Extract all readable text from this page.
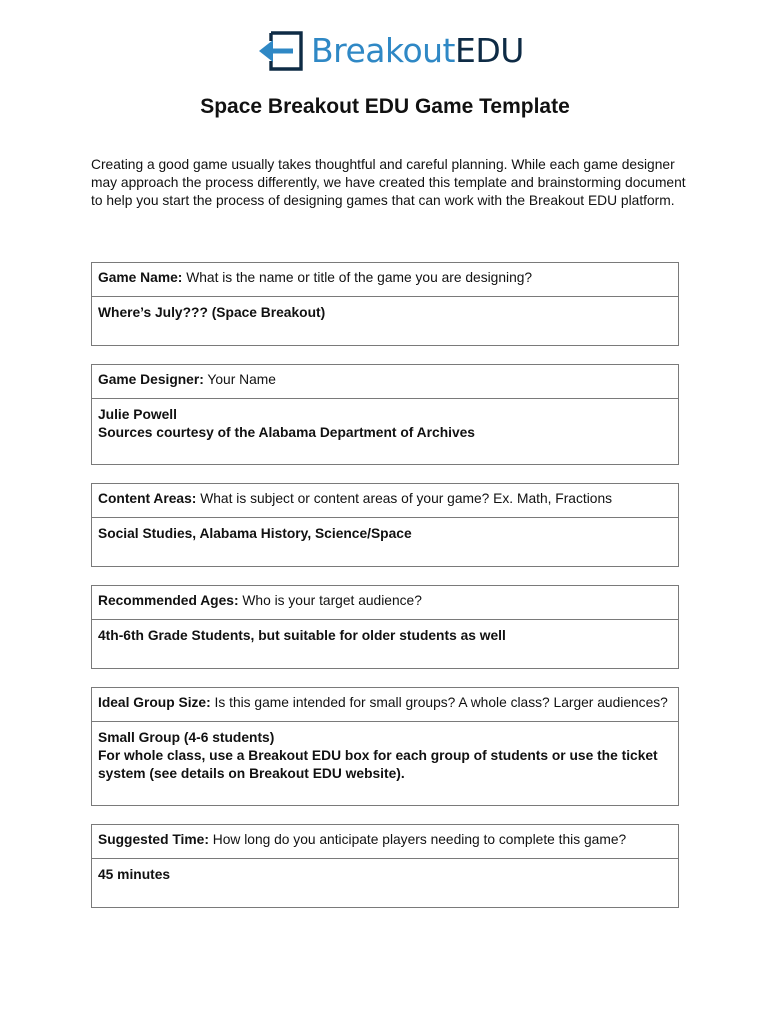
BreakoutEDU
Space Breakout EDU Game Template

Creating a good game usually takes thoughtful and careful planning. While each game designer may approach the process differently, we have created this template and brainstorming document to help you start the process of designing games that can work with the Breakout EDU platform.

Game Name: What is the name or title of the game you are designing?
Where’s July??? (Space Breakout)
Game Designer: Your Name
Julie Powell
Sources courtesy of the Alabama Department of Archives
Content Areas: What is subject or content areas of your game? Ex. Math, Fractions
Social Studies, Alabama History, Science/Space
Recommended Ages: Who is your target audience?
4th-6th Grade Students, but suitable for older students as well
Ideal Group Size: Is this game intended for small groups? A whole class? Larger audiences?
Small Group (4-6 students)
For whole class, use a Breakout EDU box for each group of students or use the ticket system (see details on Breakout EDU website).
Suggested Time: How long do you anticipate players needing to complete this game?
45 minutes
